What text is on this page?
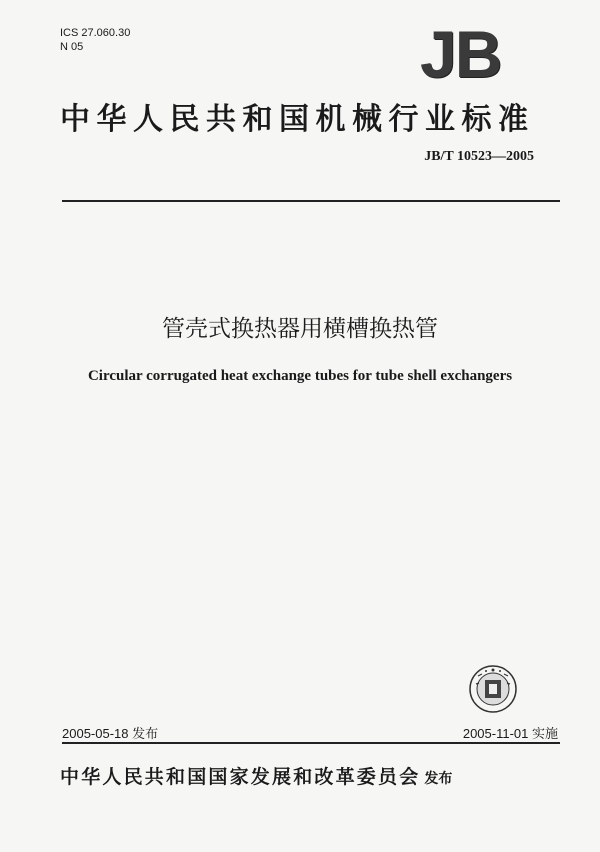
ICS 27.060.30
N 05	JB
中华人民共和国机械行业标准
JB/T 10523—2005
管壳式换热器用横槽换热管
Circular corrugated heat exchange tubes for tube shell exchangers
2005-05-18 发布	2005-11-01 实施
中华人民共和国国家发展和改革委员会 发布
